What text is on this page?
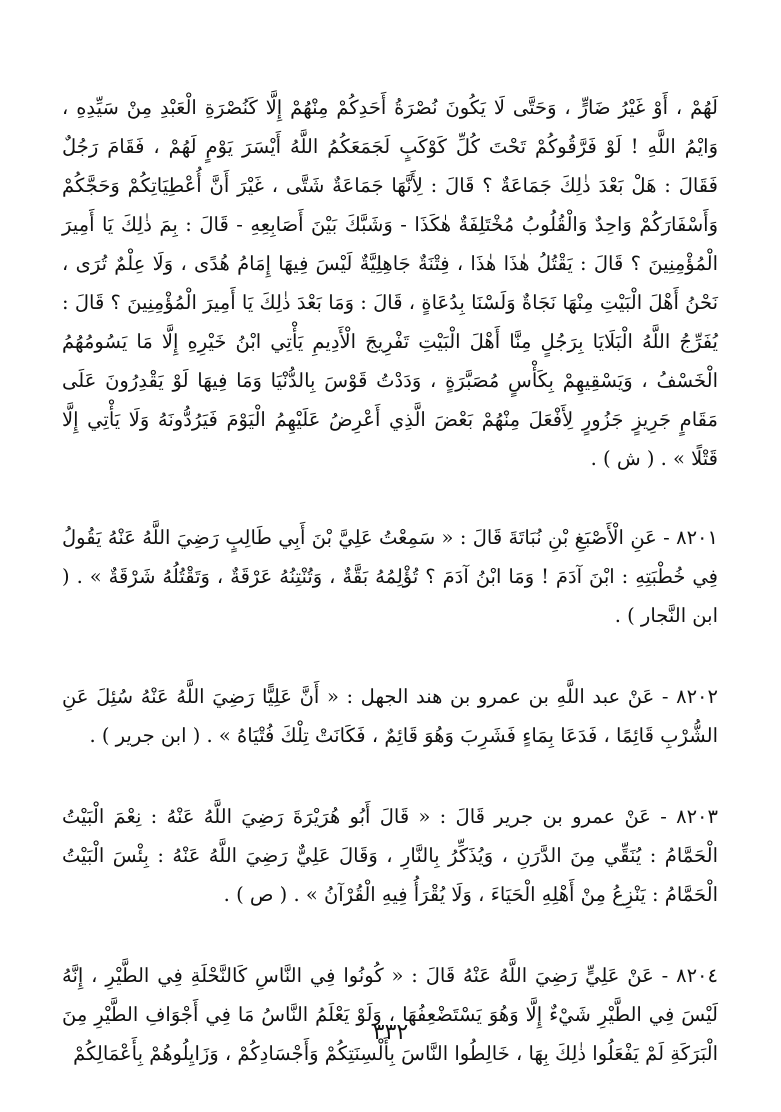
لَهُمْ ، أَوْ غَيْرُ ضَارٍّ ، وَحَتَّى لَا يَكُونَ نُصْرَةُ أَحَدِكُمْ مِنْهُمْ إِلَّا كَنُصْرَةِ الْعَبْدِ مِنْ سَيِّدِهِ ، وَايْمُ اللَّهِ ! لَوْ فَرَّقُوكُمْ تَحْتَ كُلِّ كَوْكَبٍ لَجَمَعَكُمُ اللَّهُ أَيْسَرَ يَوْمٍ لَهُمْ ، فَقَامَ رَجُلٌ فَقَالَ : هَلْ بَعْدَ ذٰلِكَ جَمَاعَةٌ ؟ قَالَ : لِأَنَّهَا جَمَاعَةٌ شَتَّى ، غَيْرَ أَنَّ أُعْطِيَاتِكُمْ وَحَجَّكُمْ وَأَسْفَارَكُمْ وَاحِدٌ وَالْقُلُوبُ مُخْتَلِفَةٌ هٰكَذَا - وَشَبَّكَ بَيْنَ أَصَابِعِهِ - قَالَ : بِمَ ذٰلِكَ يَا أَمِيرَ الْمُؤْمِنِينَ ؟ قَالَ : يَقْتُلُ هٰذَا هٰذَا ، فِتْنَةٌ جَاهِلِيَّةٌ لَيْسَ فِيهَا إِمَامُ هُدًى ، وَلَا عِلْمٌ تُرَى ، نَحْنُ أَهْلَ الْبَيْتِ مِنْهَا نَجَاةٌ وَلَسْنَا بِدُعَاةٍ ، قَالَ : وَمَا بَعْدَ ذٰلِكَ يَا أَمِيرَ الْمُؤْمِنِينَ ؟ قَالَ : يُفَرِّجُ اللَّهُ الْبَلَايَا بِرَجُلٍ مِنَّا أَهْلَ الْبَيْتِ تَفْرِيجَ الْأَدِيمِ يَأْتِي ابْنُ خَيْرِهِ إِلَّا مَا يَسُومُهُمُ الْخَسْفُ ، وَيَسْقِيهِمْ بِكَأْسٍ مُصَبَّرَةٍ ، وَدَدْتُ قَوْسَ بِالدُّنْيَا وَمَا فِيهَا لَوْ يَقْدِرُونَ عَلَى مَقَامٍ جَرِيزٍ جَزُورٍ لِأَفْعَلَ مِنْهُمْ بَعْضَ الَّذِي أَعْرِضُ عَلَيْهِمُ الْيَوْمَ فَيَرُدُّونَهُ وَلَا يَأْتِي إِلَّا قَتْلًا » . ( ش ) .

٨٢٠١ - عَنِ الْأَصْبَغِ بْنِ نُبَاتَةَ قَالَ : « سَمِعْتُ عَلِيَّ بْنَ أَبِي طَالِبٍ رَضِيَ اللَّهُ عَنْهُ يَقُولُ فِي خُطْبَتِهِ : ابْنَ آدَمَ ! وَمَا ابْنُ آدَمَ ؟ تُؤْلِمُهُ بَقَّةٌ ، وَتُنْتِنُهُ عَرْقَةٌ ، وَتَقْتُلُهُ شَرْقَةٌ » . ( ابن النَّجار ) .

٨٢٠٢ - عَنْ عبد اللَّهِ بن عمرو بن هند الجهل : « أَنَّ عَلِيًّا رَضِيَ اللَّهُ عَنْهُ سُئِلَ عَنِ الشُّرْبِ قَائِمًا ، فَدَعَا بِمَاءٍ فَشَرِبَ وَهُوَ قَائِمٌ ، فَكَانَتْ تِلْكَ فُتْيَاهُ » . ( ابن جرير ) .

٨٢٠٣ - عَنْ عمرو بن جرير قَالَ : « قَالَ أَبُو هُرَيْرَةَ رَضِيَ اللَّهُ عَنْهُ : نِعْمَ الْبَيْتُ الْحَمَّامُ : يُنَقِّي مِنَ الدَّرَنِ ، وَيُذَكِّرُ بِالنَّارِ ، وَقَالَ عَلِيٌّ رَضِيَ اللَّهُ عَنْهُ : بِئْسَ الْبَيْتُ الْحَمَّامُ : يَنْزِعُ مِنْ أَهْلِهِ الْحَيَاءَ ، وَلَا يُقْرَأُ فِيهِ الْقُرْآنُ » . ( ص ) .

٨٢٠٤ - عَنْ عَلِيٍّ رَضِيَ اللَّهُ عَنْهُ قَالَ : « كُونُوا فِي النَّاسِ كَالنَّحْلَةِ فِي الطَّيْرِ ، إِنَّهُ لَيْسَ فِي الطَّيْرِ شَيْءٌ إِلَّا وَهُوَ يَسْتَضْعِفُهَا ، وَلَوْ يَعْلَمُ النَّاسُ مَا فِي أَجْوَافِ الطَّيْرِ مِنَ الْبَرَكَةِ لَمْ يَفْعَلُوا ذٰلِكَ بِهَا ، خَالِطُوا النَّاسَ بِأَلْسِنَتِكُمْ وَأَجْسَادِكُمْ ، وَزَايِلُوهُمْ بِأَعْمَالِكُمْ

٣٣٢
